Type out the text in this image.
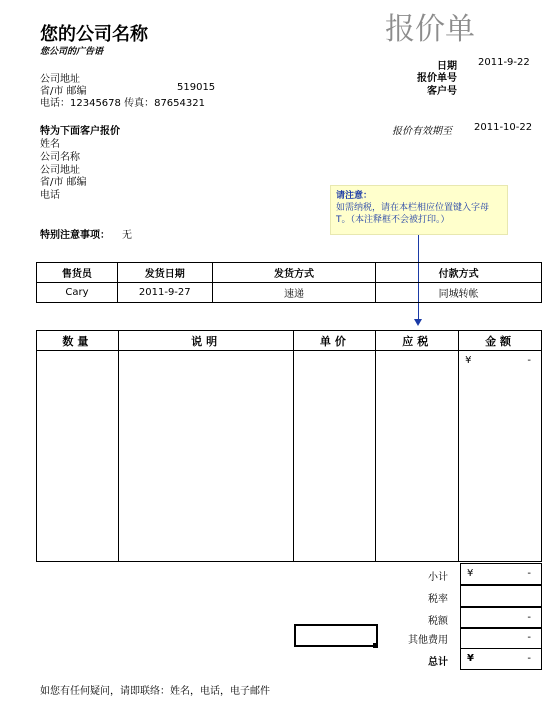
您的公司名称
您公司的广告语
报价单
公司地址
省/市 邮编	519015
电话：12345678 传真：87654321
日期 2011-9-22
报价单号
客户号
报价有效期至 2011-10-22
特为下面客户报价
姓名
公司名称
公司地址
省/市 邮编
电话
特别注意事项： 无
请注意：
如需纳税，请在本栏相应位置键入字母 T。（本注释框不会被打印。）
售货员	发货日期	发货方式	付款方式
Cary	2011-9-27	速递	同城转帐
数量	说明	单价	应税	金额

				¥ -
小计 ¥	-
税率
税额	-
其他费用	-
总计 ¥	-
如您有任何疑问，请即联络：姓名，电话，电子邮件
